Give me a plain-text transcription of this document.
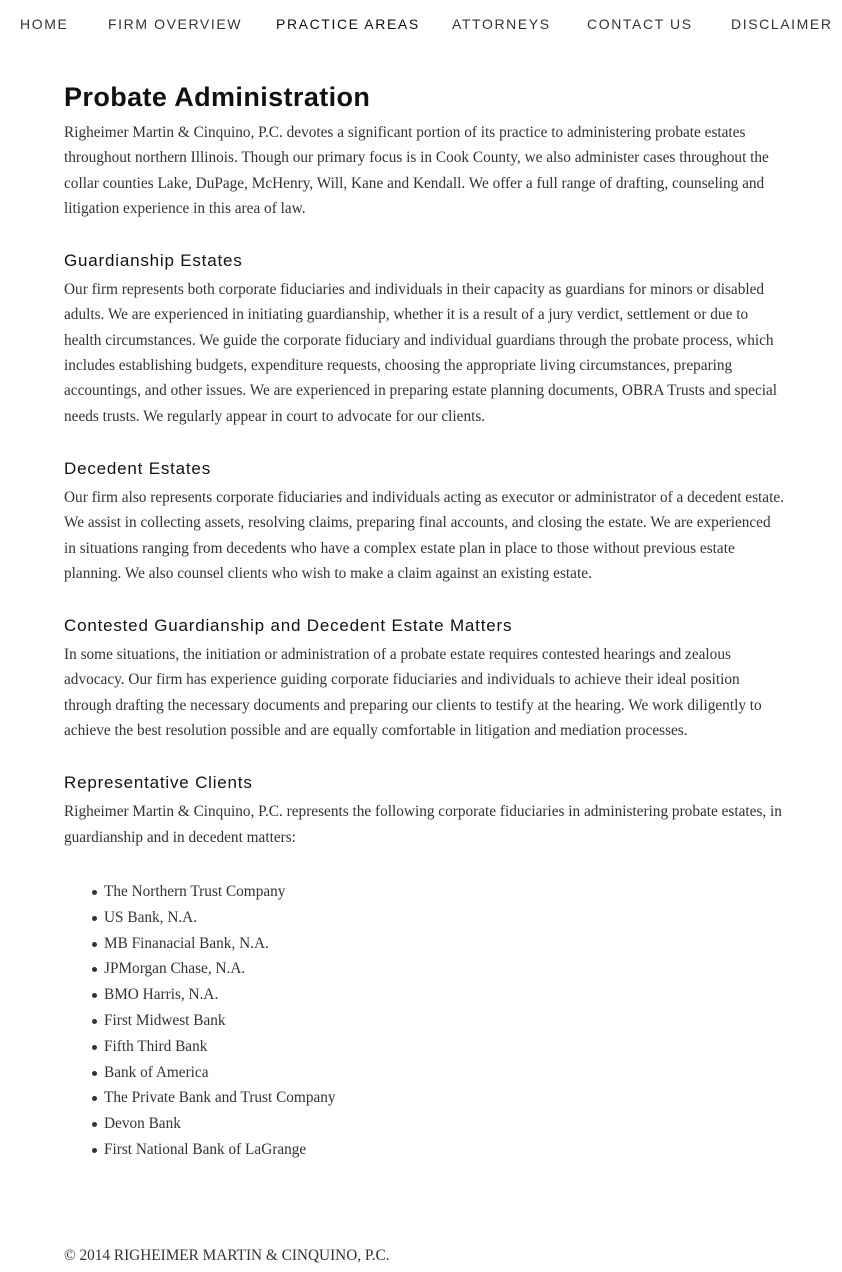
HOME	FIRM OVERVIEW PRACTICE AREAS ATTORNEYS	CONTACT US	DISCLAIMER
Probate Administration

Righeimer Martin & Cinquino, P.C. devotes a significant portion of its practice to administering probate estates throughout northern Illinois. Though our primary focus is in Cook County, we also administer cases throughout the collar counties Lake, DuPage, McHenry, Will, Kane and Kendall. We offer a full range of drafting, counseling and litigation experience in this area of law.

Guardianship Estates

Our firm represents both corporate fiduciaries and individuals in their capacity as guardians for minors or disabled adults. We are experienced in initiating guardianship, whether it is a result of a jury verdict, settlement or due to health circumstances. We guide the corporate fiduciary and individual guardians through the probate process, which includes establishing budgets, expenditure requests, choosing the appropriate living circumstances, preparing accountings, and other issues. We are experienced in preparing estate planning documents, OBRA Trusts and special needs trusts. We regularly appear in court to advocate for our clients.

Decedent Estates

Our firm also represents corporate fiduciaries and individuals acting as executor or administrator of a decedent estate. We assist in collecting assets, resolving claims, preparing final accounts, and closing the estate. We are experienced in situations ranging from decedents who have a complex estate plan in place to those without previous estate planning. We also counsel clients who wish to make a claim against an existing estate.

Contested Guardianship and Decedent Estate Matters

In some situations, the initiation or administration of a probate estate requires contested hearings and zealous advocacy. Our firm has experience guiding corporate fiduciaries and individuals to achieve their ideal position through drafting the necessary documents and preparing our clients to testify at the hearing. We work diligently to achieve the best resolution possible and are equally comfortable in litigation and mediation processes.

Representative Clients

Righeimer Martin & Cinquino, P.C. represents the following corporate fiduciaries in administering probate estates, in guardianship and in decedent matters:

The Northern Trust Company
US Bank, N.A.
MB Finanacial Bank, N.A.
JPMorgan Chase, N.A.
BMO Harris, N.A.
First Midwest Bank
Fifth Third Bank
Bank of America
The Private Bank and Trust Company
Devon Bank
First National Bank of LaGrange
© 2014 RIGHEIMER MARTIN & CINQUINO, P.C.
